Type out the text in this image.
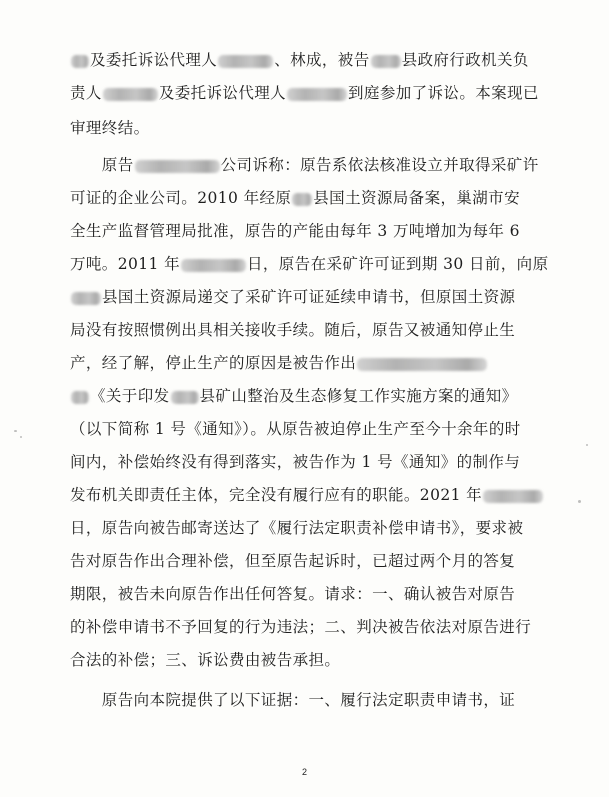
及委托诉讼代理人	、林成，被告 县政府行政机关负
责人	及委托诉讼代理人	到庭参加了诉讼。本案现已
审理终结。
　　原告	公司诉称：原告系依法核准设立并取得采矿许
可证的企业公司。2010 年经原 县国土资源局备案，巢湖市安
全生产监督管理局批准，原告的产能由每年 3 万吨增加为每年 6
万吨。2011 年	日，原告在采矿许可证到期 30 日前，向原
县国土资源局递交了采矿许可证延续申请书，但原国土资源
局没有按照惯例出具相关接收手续。随后，原告又被通知停止生
产，经了解，停止生产的原因是被告作出
《关于印发 县矿山整治及生态修复工作实施方案的通知》
（以下简称 1 号《通知》）。从原告被迫停止生产至今十余年的时
间内，补偿始终没有得到落实，被告作为 1 号《通知》的制作与
发布机关即责任主体，完全没有履行应有的职能。2021 年
日，原告向被告邮寄送达了《履行法定职责补偿申请书》，要求被
告对原告作出合理补偿，但至原告起诉时，已超过两个月的答复
期限，被告未向原告作出任何答复。请求：一、确认被告对原告
的补偿申请书不予回复的行为违法；二、判决被告依法对原告进行
合法的补偿；三、诉讼费由被告承担。
　　原告向本院提供了以下证据：一、履行法定职责申请书，证
2
